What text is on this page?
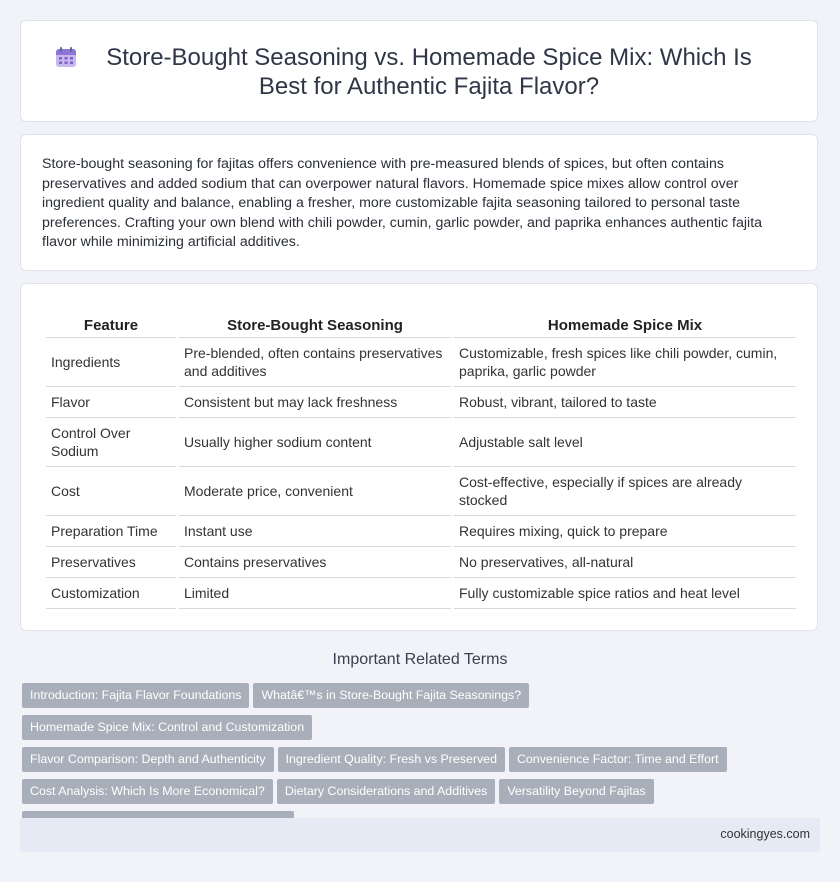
Store-Bought Seasoning vs. Homemade Spice Mix: Which Is Best for Authentic Fajita Flavor?

Store-bought seasoning for fajitas offers convenience with pre-measured blends of spices, but often contains preservatives and added sodium that can overpower natural flavors. Homemade spice mixes allow control over ingredient quality and balance, enabling a fresher, more customizable fajita seasoning tailored to personal taste preferences. Crafting your own blend with chili powder, cumin, garlic powder, and paprika enhances authentic fajita flavor while minimizing artificial additives.

Feature	Store-Bought Seasoning	Homemade Spice Mix
Ingredients	Pre-blended, often contains preservatives and additives	Customizable, fresh spices like chili powder, cumin, paprika, garlic powder
Flavor	Consistent but may lack freshness	Robust, vibrant, tailored to taste
Control Over Sodium	Usually higher sodium content	Adjustable salt level
Cost	Moderate price, convenient	Cost-effective, especially if spices are already stocked
Preparation Time	Instant use	Requires mixing, quick to prepare
Preservatives	Contains preservatives	No preservatives, all-natural
Customization	Limited	Fully customizable spice ratios and heat level
Important Related Terms
Introduction: Fajita Flavor Foundations Whatâ€™s in Store-Bought Fajita Seasonings?Homemade Spice Mix: Control and Customization
Flavor Comparison: Depth and Authenticity Ingredient Quality: Fresh vs Preserved Convenience Factor: Time and Effort
Cost Analysis: Which Is More Economical? Dietary Considerations and Additives Versatility Beyond Fajitas

cookingyes.com
